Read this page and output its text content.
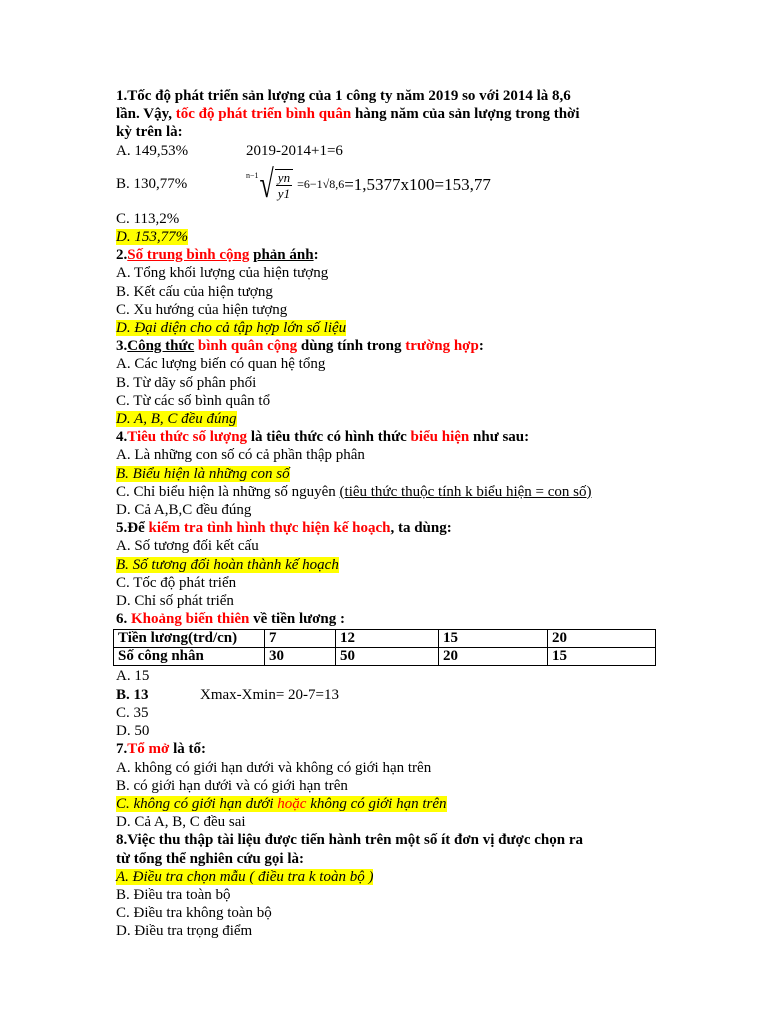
1.Tốc độ phát triển sản lượng của 1 công ty năm 2019 so với 2014 là 8,6
lần. Vậy, tốc độ phát triển bình quân hàng năm của sản lượng trong thời
kỳ trên là:
A. 149,53%	2019-2014+1=6
B. 130,77%
n−1 √ $\frac{yn}{y1} =6-1√8,6 =1,5377x100=153,77$
C. 113,2%
D. 153,77%
2.Số trung bình cộng phản ánh:
A. Tổng khối lượng của hiện tượng
B. Kết cấu của hiện tượng
C. Xu hướng của hiện tượng
D. Đại diện cho cả tập hợp lớn số liệu
3.Công thức bình quân cộng dùng tính trong trường hợp:
A. Các lượng biến có quan hệ tổng
B. Từ dãy số phân phối
C. Từ các số bình quân tổ
D. A, B, C đều đúng
4.Tiêu thức số lượng là tiêu thức có hình thức biểu hiện như sau:
A. Là những con số có cả phần thập phân
B. Biểu hiện là những con số
C. Chỉ biểu hiện là những số nguyên (tiêu thức thuộc tính k biểu hiện = con số)
D. Cả A,B,C đều đúng
5.Để kiểm tra tình hình thực hiện kế hoạch, ta dùng:
A. Số tương đối kết cấu
B. Số tương đối hoàn thành kế hoạch
C. Tốc độ phát triển
D. Chỉ số phát triển
6. Khoảng biến thiên về tiền lương :
Tiền lương(trd/cn)	7	12	15	20
Số công nhân	30	50	20	15
A. 15
B. 13	Xmax-Xmin= 20-7=13
C. 35
D. 50
7.Tổ mở là tổ:
A. không có giới hạn dưới và không có giới hạn trên
B. có giới hạn dưới và có giới hạn trên
C. không có giới hạn dưới hoặc không có giới hạn trên
D. Cả A, B, C đều sai
8.Việc thu thập tài liệu được tiến hành trên một số ít đơn vị được chọn ra
từ tổng thể nghiên cứu gọi là:
A. Điều tra chọn mẫu ( điều tra k toàn bộ )
B. Điều tra toàn bộ
C. Điều tra không toàn bộ
D. Điều tra trọng điểm
